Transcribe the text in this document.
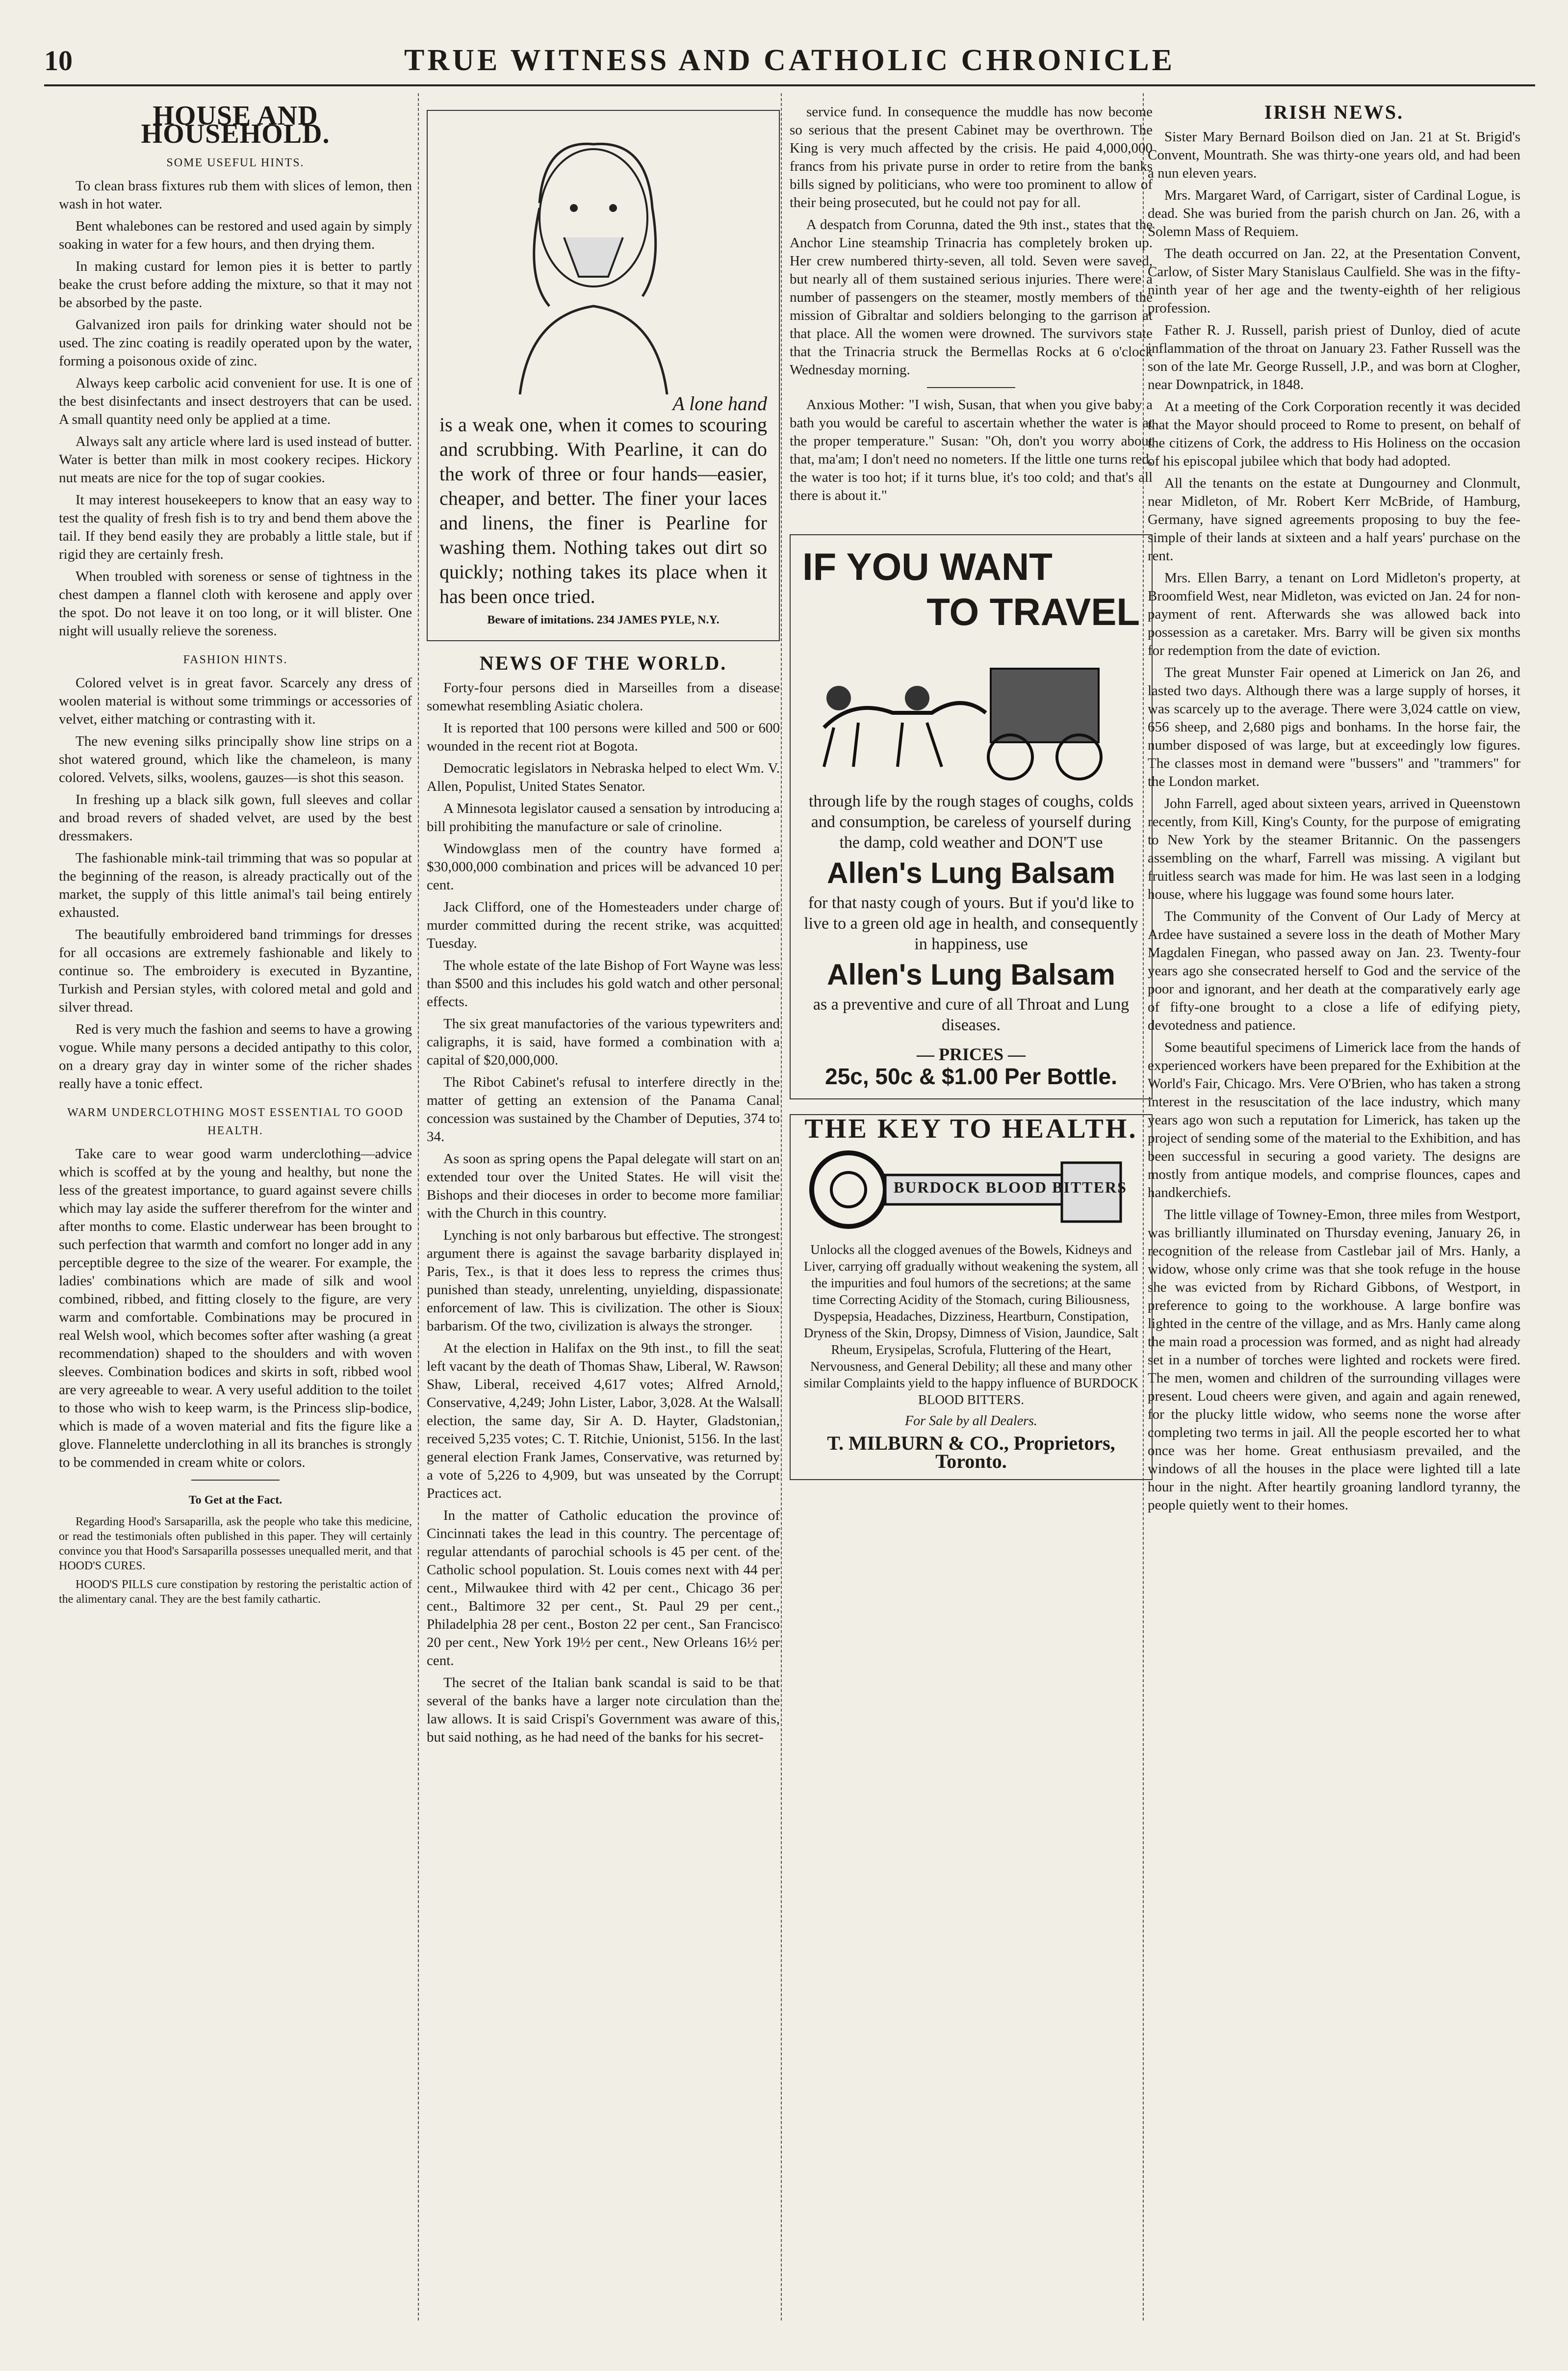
10	TRUE WITNESS AND CATHOLIC CHRONICLE
HOUSE AND HOUSEHOLD.
SOME USEFUL HINTS.

To clean brass fixtures rub them with slices of lemon, then wash in hot water.

Bent whalebones can be restored and used again by simply soaking in water for a few hours, and then drying them.

In making custard for lemon pies it is better to partly beake the crust before adding the mixture, so that it may not be absorbed by the paste.

Galvanized iron pails for drinking water should not be used. The zinc coating is readily operated upon by the water, forming a poisonous oxide of zinc.

Always keep carbolic acid convenient for use. It is one of the best disinfectants and insect destroyers that can be used. A small quantity need only be applied at a time.

Always salt any article where lard is used instead of butter. Water is better than milk in most cookery recipes. Hickory nut meats are nice for the top of sugar cookies.

It may interest housekeepers to know that an easy way to test the quality of fresh fish is to try and bend them above the tail. If they bend easily they are probably a little stale, but if rigid they are certainly fresh.

When troubled with soreness or sense of tightness in the chest dampen a flannel cloth with kerosene and apply over the spot. Do not leave it on too long, or it will blister. One night will usually relieve the soreness.

FASHION HINTS.

Colored velvet is in great favor. Scarcely any dress of woolen material is without some trimmings or accessories of velvet, either matching or contrasting with it.

The new evening silks principally show line strips on a shot watered ground, which like the chameleon, is many colored. Velvets, silks, woolens, gauzes—is shot this season.

In freshing up a black silk gown, full sleeves and collar and broad revers of shaded velvet, are used by the best dressmakers.

The fashionable mink-tail trimming that was so popular at the beginning of the reason, is already practically out of the market, the supply of this little animal's tail being entirely exhausted.

The beautifully embroidered band trimmings for dresses for all occasions are extremely fashionable and likely to continue so. The embroidery is executed in Byzantine, Turkish and Persian styles, with colored metal and gold and silver thread.

Red is very much the fashion and seems to have a growing vogue. While many persons a decided antipathy to this color, on a dreary gray day in winter some of the richer shades really have a tonic effect.

WARM UNDERCLOTHING MOST ESSENTIAL TO GOOD HEALTH.

Take care to wear good warm underclothing—advice which is scoffed at by the young and healthy, but none the less of the greatest importance, to guard against severe chills which may lay aside the sufferer therefrom for the winter and after months to come. Elastic underwear has been brought to such perfection that warmth and comfort no longer add in any perceptible degree to the size of the wearer. For example, the ladies' combinations which are made of silk and wool combined, ribbed, and fitting closely to the figure, are very warm and comfortable. Combinations may be procured in real Welsh wool, which becomes softer after washing (a great recommendation) shaped to the shoulders and with woven sleeves. Combination bodices and skirts in soft, ribbed wool are very agreeable to wear. A very useful addition to the toilet to those who wish to keep warm, is the Princess slip-bodice, which is made of a woven material and fits the figure like a glove. Flannelette underclothing in all its branches is strongly to be commended in cream white or colors.

To Get at the Fact.

Regarding Hood's Sarsaparilla, ask the people who take this medicine, or read the testimonials often published in this paper. They will certainly convince you that Hood's Sarsaparilla possesses unequalled merit, and that HOOD'S CURES.

HOOD'S PILLS cure constipation by restoring the peristaltic action of the alimentary canal. They are the best family cathartic.

A lone hand

is a weak one, when it comes to scouring and scrubbing. With Pearline, it can do the work of three or four hands—easier, cheaper, and better. The finer your laces and linens, the finer is Pearline for washing them. Nothing takes out dirt so quickly; nothing takes its place when it has been once tried.

Beware of imitations. 234 JAMES PYLE, N.Y.

NEWS OF THE WORLD.

Forty-four persons died in Marseilles from a disease somewhat resembling Asiatic cholera.

It is reported that 100 persons were killed and 500 or 600 wounded in the recent riot at Bogota.

Democratic legislators in Nebraska helped to elect Wm. V. Allen, Populist, United States Senator.

A Minnesota legislator caused a sensation by introducing a bill prohibiting the manufacture or sale of crinoline.

Windowglass men of the country have formed a $30,000,000 combination and prices will be advanced 10 per cent.

Jack Clifford, one of the Homesteaders under charge of murder committed during the recent strike, was acquitted Tuesday.

The whole estate of the late Bishop of Fort Wayne was less than $500 and this includes his gold watch and other personal effects.

The six great manufactories of the various typewriters and caligraphs, it is said, have formed a combination with a capital of $20,000,000.

The Ribot Cabinet's refusal to interfere directly in the matter of getting an extension of the Panama Canal concession was sustained by the Chamber of Deputies, 374 to 34.

As soon as spring opens the Papal delegate will start on an extended tour over the United States. He will visit the Bishops and their dioceses in order to become more familiar with the Church in this country.

Lynching is not only barbarous but effective. The strongest argument there is against the savage barbarity displayed in Paris, Tex., is that it does less to repress the crimes thus punished than steady, unrelenting, unyielding, dispassionate enforcement of law. This is civilization. The other is Sioux barbarism. Of the two, civilization is always the stronger.

At the election in Halifax on the 9th inst., to fill the seat left vacant by the death of Thomas Shaw, Liberal, W. Rawson Shaw, Liberal, received 4,617 votes; Alfred Arnold, Conservative, 4,249; John Lister, Labor, 3,028. At the Walsall election, the same day, Sir A. D. Hayter, Gladstonian, received 5,235 votes; C. T. Ritchie, Unionist, 5156. In the last general election Frank James, Conservative, was returned by a vote of 5,226 to 4,909, but was unseated by the Corrupt Practices act.

In the matter of Catholic education the province of Cincinnati takes the lead in this country. The percentage of regular attendants of parochial schools is 45 per cent. of the Catholic school population. St. Louis comes next with 44 per cent., Milwaukee third with 42 per cent., Chicago 36 per cent., Baltimore 32 per cent., St. Paul 29 per cent., Philadelphia 28 per cent., Boston 22 per cent., San Francisco 20 per cent., New York 19½ per cent., New Orleans 16½ per cent.

The secret of the Italian bank scandal is said to be that several of the banks have a larger note circulation than the law allows. It is said Crispi's Government was aware of this, but said nothing, as he had need of the banks for his secret-

service fund. In consequence the muddle has now become so serious that the present Cabinet may be overthrown. The King is very much affected by the crisis. He paid 4,000,000 francs from his private purse in order to retire from the banks bills signed by politicians, who were too prominent to allow of their being prosecuted, but he could not pay for all.

A despatch from Corunna, dated the 9th inst., states that the Anchor Line steamship Trinacria has completely broken up. Her crew numbered thirty-seven, all told. Seven were saved, but nearly all of them sustained serious injuries. There were a number of passengers on the steamer, mostly members of the mission of Gibraltar and soldiers belonging to the garrison at that place. All the women were drowned. The survivors state that the Trinacria struck the Bermellas Rocks at 6 o'clock Wednesday morning.

Anxious Mother: "I wish, Susan, that when you give baby a bath you would be careful to ascertain whether the water is at the proper temperature." Susan: "Oh, don't you worry about that, ma'am; I don't need no nometers. If the little one turns red, the water is too hot; if it turns blue, it's too cold; and that's all there is about it."

IF YOU WANT
TO TRAVEL

through life by the rough stages of coughs, colds and consumption, be careless of yourself during the damp, cold weather and DON'T use

Allen's Lung Balsam

for that nasty cough of yours. But if you'd like to live to a green old age in health, and consequently in happiness, use

Allen's Lung Balsam

as a preventive and cure of all Throat and Lung diseases.

— PRICES —

25c, 50c & $1.00 Per Bottle.

THE KEY TO HEALTH.
BURDOCK BLOOD BITTERS

Unlocks all the clogged avenues of the Bowels, Kidneys and Liver, carrying off gradually without weakening the system, all the impurities and foul humors of the secretions; at the same time Correcting Acidity of the Stomach, curing Biliousness, Dyspepsia, Headaches, Dizziness, Heartburn, Constipation, Dryness of the Skin, Dropsy, Dimness of Vision, Jaundice, Salt Rheum, Erysipelas, Scrofula, Fluttering of the Heart, Nervousness, and General Debility; all these and many other similar Complaints yield to the happy influence of BURDOCK BLOOD BITTERS.

For Sale by all Dealers.

T. MILBURN & CO., Proprietors, Toronto.

IRISH NEWS.

Sister Mary Bernard Boilson died on Jan. 21 at St. Brigid's Convent, Mountrath. She was thirty-one years old, and had been a nun eleven years.

Mrs. Margaret Ward, of Carrigart, sister of Cardinal Logue, is dead. She was buried from the parish church on Jan. 26, with a Solemn Mass of Requiem.

The death occurred on Jan. 22, at the Presentation Convent, Carlow, of Sister Mary Stanislaus Caulfield. She was in the fifty-ninth year of her age and the twenty-eighth of her religious profession.

Father R. J. Russell, parish priest of Dunloy, died of acute inflammation of the throat on January 23. Father Russell was the son of the late Mr. George Russell, J.P., and was born at Clogher, near Downpatrick, in 1848.

At a meeting of the Cork Corporation recently it was decided that the Mayor should proceed to Rome to present, on behalf of the citizens of Cork, the address to His Holiness on the occasion of his episcopal jubilee which that body had adopted.

All the tenants on the estate at Dungourney and Clonmult, near Midleton, of Mr. Robert Kerr McBride, of Hamburg, Germany, have signed agreements proposing to buy the fee-simple of their lands at sixteen and a half years' purchase on the rent.

Mrs. Ellen Barry, a tenant on Lord Midleton's property, at Broomfield West, near Midleton, was evicted on Jan. 24 for non-payment of rent. Afterwards she was allowed back into possession as a caretaker. Mrs. Barry will be given six months for redemption from the date of eviction.

The great Munster Fair opened at Limerick on Jan 26, and lasted two days. Although there was a large supply of horses, it was scarcely up to the average. There were 3,024 cattle on view, 656 sheep, and 2,680 pigs and bonhams. In the horse fair, the number disposed of was large, but at exceedingly low figures. The classes most in demand were "bussers" and "trammers" for the London market.

John Farrell, aged about sixteen years, arrived in Queenstown recently, from Kill, King's County, for the purpose of emigrating to New York by the steamer Britannic. On the passengers assembling on the wharf, Farrell was missing. A vigilant but fruitless search was made for him. He was last seen in a lodging house, where his luggage was found some hours later.

The Community of the Convent of Our Lady of Mercy at Ardee have sustained a severe loss in the death of Mother Mary Magdalen Finegan, who passed away on Jan. 23. Twenty-four years ago she consecrated herself to God and the service of the poor and ignorant, and her death at the comparatively early age of fifty-one brought to a close a life of edifying piety, devotedness and patience.

Some beautiful specimens of Limerick lace from the hands of experienced workers have been prepared for the Exhibition at the World's Fair, Chicago. Mrs. Vere O'Brien, who has taken a strong interest in the resuscitation of the lace industry, which many years ago won such a reputation for Limerick, has taken up the project of sending some of the material to the Exhibition, and has been successful in securing a good variety. The designs are mostly from antique models, and comprise flounces, capes and handkerchiefs.

The little village of Towney-Emon, three miles from Westport, was brilliantly illuminated on Thursday evening, January 26, in recognition of the release from Castlebar jail of Mrs. Hanly, a widow, whose only crime was that she took refuge in the house she was evicted from by Richard Gibbons, of Westport, in preference to going to the workhouse. A large bonfire was lighted in the centre of the village, and as Mrs. Hanly came along the main road a procession was formed, and as night had already set in a number of torches were lighted and rockets were fired. The men, women and children of the surrounding villages were present. Loud cheers were given, and again and again renewed, for the plucky little widow, who seems none the worse after completing two terms in jail. All the people escorted her to what once was her home. Great enthusiasm prevailed, and the windows of all the houses in the place were lighted till a late hour in the night. After heartily groaning landlord tyranny, the people quietly went to their homes.
